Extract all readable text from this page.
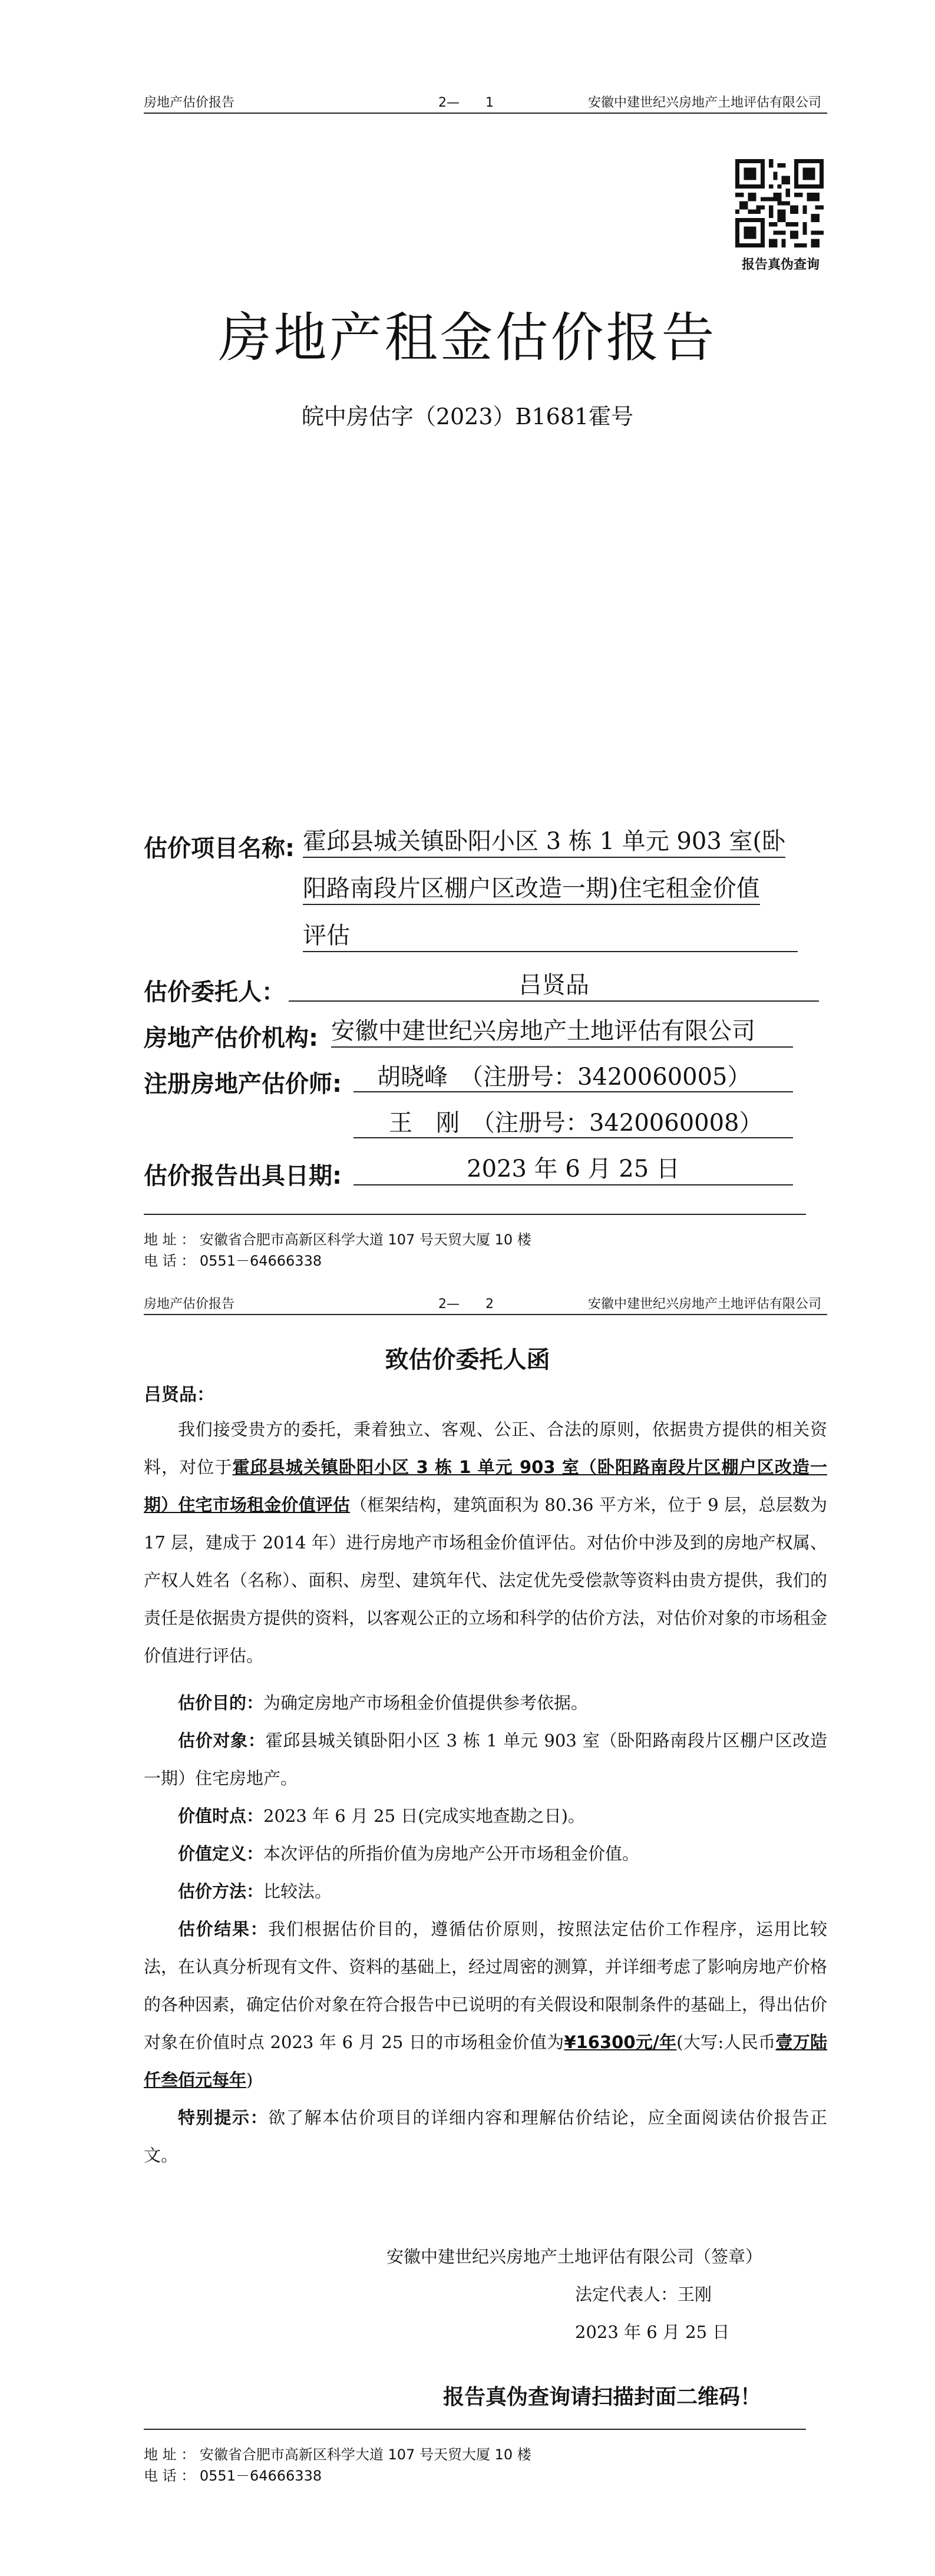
房地产估价报告	2—　　1	安徽中建世纪兴房地产土地评估有限公司
报告真伪查询
房地产租金估价报告
皖中房估字（2023）B1681霍号
估价项目名称: 霍邱县城关镇卧阳小区 3 栋 1 单元 903 室(卧
阳路南段片区棚户区改造一期)住宅租金价值
评估
估价委托人：	吕贤品
房地产估价机构: 安徽中建世纪兴房地产土地评估有限公司
注册房地产估价师:	胡晓峰　（注册号：3420060005）
王　刚　（注册号：3420060008）
估价报告出具日期:	2023 年 6 月 25 日
地 址 ： 安徽省合肥市高新区科学大道 107 号天贸大厦 10 楼
电 话 ： 0551－64666338
房地产估价报告	2—　　2	安徽中建世纪兴房地产土地评估有限公司
致估价委托人函
吕贤品：
我们接受贵方的委托，秉着独立、客观、公正、合法的原则，依据贵方提供的相关资料，对位于霍邱县城关镇卧阳小区 3 栋 1 单元 903 室（卧阳路南段片区棚户区改造一期）住宅市场租金价值评估（框架结构，建筑面积为 80.36 平方米，位于 9 层，总层数为 17 层，建成于 2014 年）进行房地产市场租金价值评估。对估价中涉及到的房地产权属、产权人姓名（名称）、面积、房型、建筑年代、法定优先受偿款等资料由贵方提供，我们的责任是依据贵方提供的资料，以客观公正的立场和科学的估价方法，对估价对象的市场租金价值进行评估。
估价目的：为确定房地产市场租金价值提供参考依据。
估价对象：霍邱县城关镇卧阳小区 3 栋 1 单元 903 室（卧阳路南段片区棚户区改造一期）住宅房地产。
价值时点：2023 年 6 月 25 日(完成实地查勘之日)。
价值定义：本次评估的所指价值为房地产公开市场租金价值。
估价方法：比较法。
估价结果：我们根据估价目的，遵循估价原则，按照法定估价工作程序，运用比较法，在认真分析现有文件、资料的基础上，经过周密的测算，并详细考虑了影响房地产价格的各种因素，确定估价对象在符合报告中已说明的有关假设和限制条件的基础上，得出估价对象在价值时点 2023 年 6 月 25 日的市场租金价值为¥16300元/年(大写:人民币壹万陆仟叁佰元每年)
特别提示：欲了解本估价项目的详细内容和理解估价结论，应全面阅读估价报告正文。
安徽中建世纪兴房地产土地评估有限公司（签章）
法定代表人：王刚
2023 年 6 月 25 日
报告真伪查询请扫描封面二维码！
地 址 ： 安徽省合肥市高新区科学大道 107 号天贸大厦 10 楼
电 话 ： 0551－64666338
